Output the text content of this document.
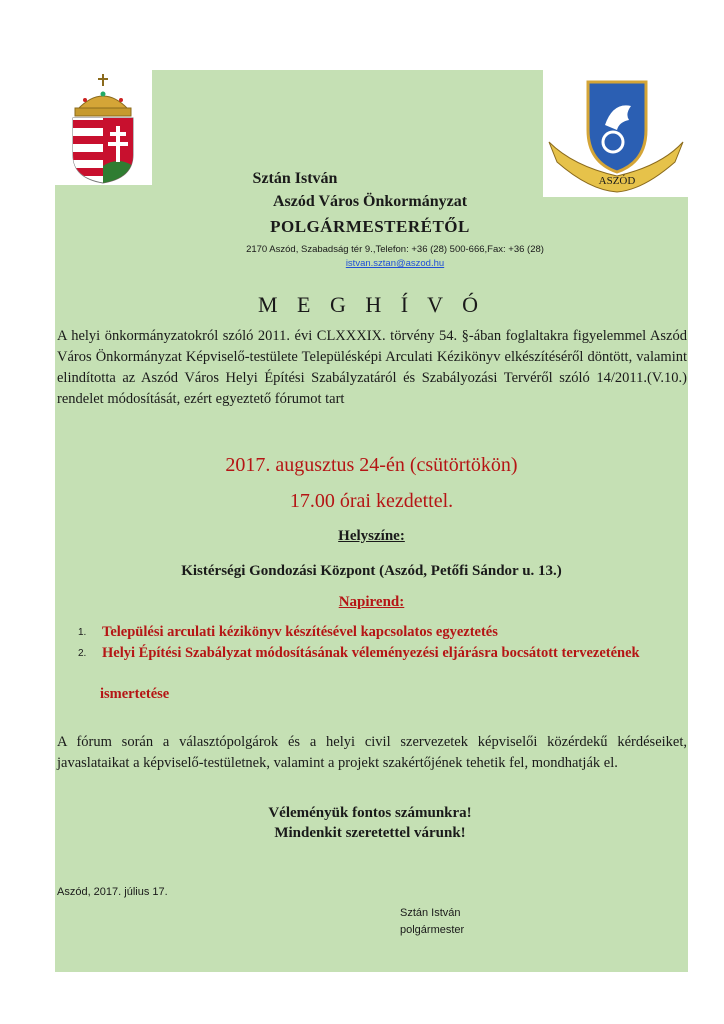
ASZÓD
Sztán István
Aszód Város Önkormányzat
POLGÁRMESTERÉTŐL
2170 Aszód, Szabadság tér 9.,Telefon: +36 (28) 500-666,Fax: +36 (28)
istvan.sztan@aszod.hu
M E G H Í V Ó
A helyi önkormányzatokról szóló 2011. évi CLXXXIX. törvény 54. §-ában foglaltakra figyelemmel Aszód Város Önkormányzat Képviselő-testülete Településképi Arculati Kézikönyv elkészítéséről döntött, valamint elindította az Aszód Város Helyi Építési Szabályzatáról és Szabályozási Tervéről szóló 14/2011.(V.10.) rendelet módosítását, ezért egyeztető fórumot tart
2017. augusztus 24-én (csütörtökön)
17.00 órai kezdettel.
Helyszíne:
Kistérségi Gondozási Központ (Aszód, Petőfi Sándor u. 13.)
Napirend:
1. Települési arculati kézikönyv készítésével kapcsolatos egyeztetés
2. Helyi Építési Szabályzat módosításának véleményezési eljárásra bocsátott tervezetének
ismertetése
A fórum során a választópolgárok és a helyi civil szervezetek képviselői közérdekű kérdéseiket, javaslataikat a képviselő-testületnek, valamint a projekt szakértőjének tehetik fel, mondhatják el.
Véleményük fontos számunkra!
Mindenkit szeretettel várunk!
Aszód, 2017. július 17.
Sztán István
polgármester
